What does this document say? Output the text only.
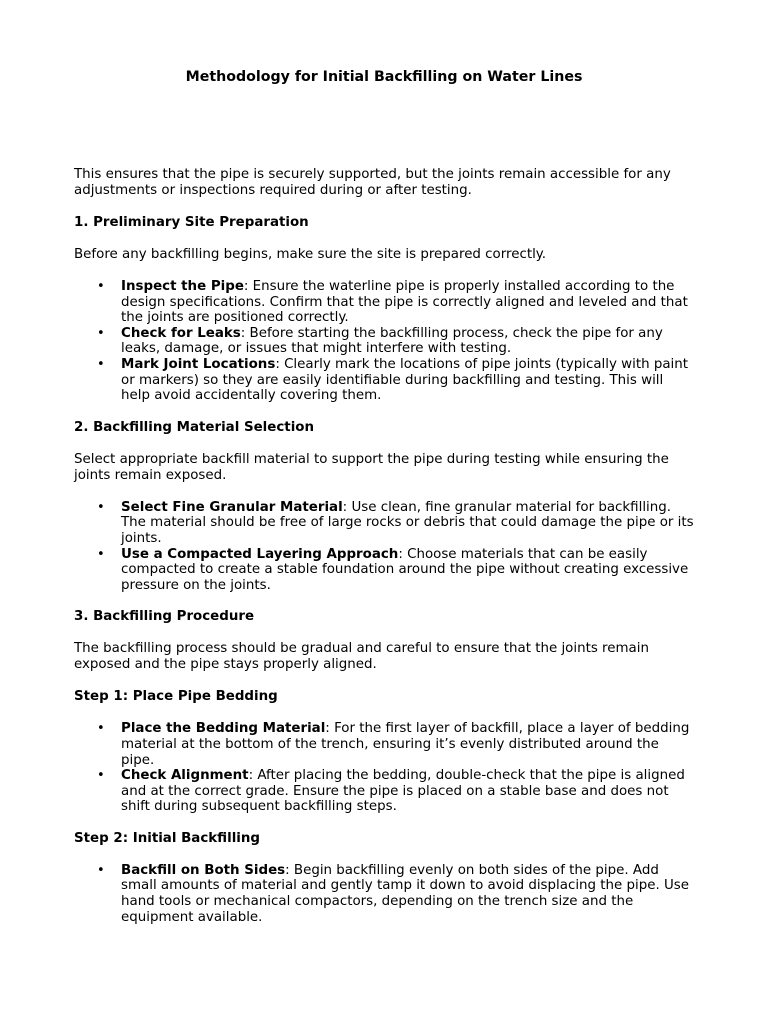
Methodology for Initial Backfilling on Water Lines

This ensures that the pipe is securely supported, but the joints remain accessible for any adjustments or inspections required during or after testing.

1. Preliminary Site Preparation

Before any backfilling begins, make sure the site is prepared correctly.

• Inspect the Pipe: Ensure the waterline pipe is properly installed according to the design specifications. Confirm that the pipe is correctly aligned and leveled and that the joints are positioned correctly.
• Check for Leaks: Before starting the backfilling process, check the pipe for any leaks, damage, or issues that might interfere with testing.
• Mark Joint Locations: Clearly mark the locations of pipe joints (typically with paint or markers) so they are easily identifiable during backfilling and testing. This will help avoid accidentally covering them.
2. Backfilling Material Selection

Select appropriate backfill material to support the pipe during testing while ensuring the joints remain exposed.

• Select Fine Granular Material: Use clean, fine granular material for backfilling. The material should be free of large rocks or debris that could damage the pipe or its joints.
• Use a Compacted Layering Approach: Choose materials that can be easily compacted to create a stable foundation around the pipe without creating excessive pressure on the joints.
3. Backfilling Procedure

The backfilling process should be gradual and careful to ensure that the joints remain exposed and the pipe stays properly aligned.

Step 1: Place Pipe Bedding
• Place the Bedding Material: For the first layer of backfill, place a layer of bedding material at the bottom of the trench, ensuring it’s evenly distributed around the pipe.
• Check Alignment: After placing the bedding, double-check that the pipe is aligned and at the correct grade. Ensure the pipe is placed on a stable base and does not shift during subsequent backfilling steps.
Step 2: Initial Backfilling
• Backfill on Both Sides: Begin backfilling evenly on both sides of the pipe. Add small amounts of material and gently tamp it down to avoid displacing the pipe. Use hand tools or mechanical compactors, depending on the trench size and the equipment available.
